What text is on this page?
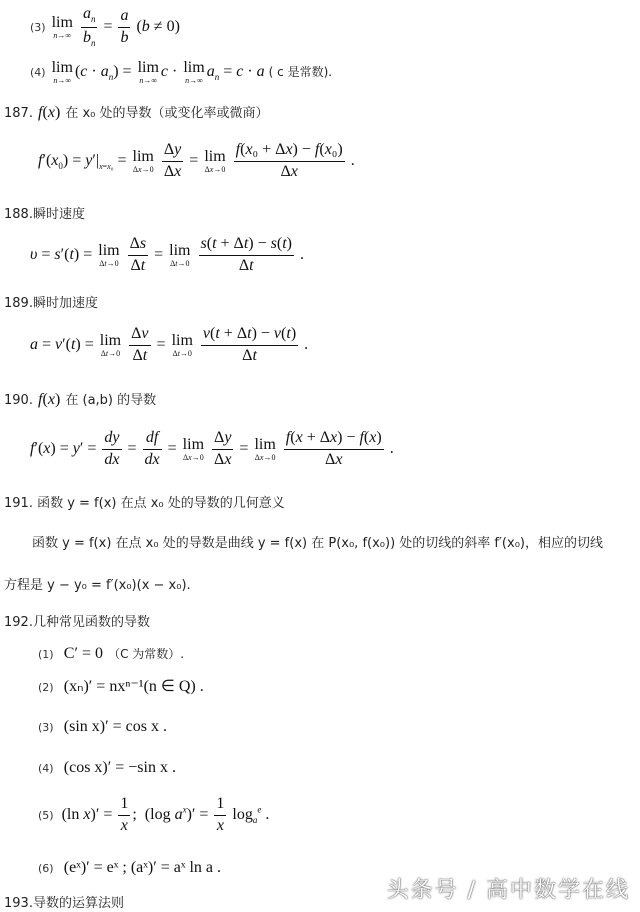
(3) lim
n→∞
$\frac{a_n}{b_n} = \frac{a}{b} (b \ne 0)$
(4) lim
n→∞
$(c \cdot a_n) = \lim$
n→∞
c · lim
n→∞
$a_n = c \cdot a$ ( c 是常数).
187. f(x) 在 x₀ 处的导数（或变化率或微商）
$f'(x_0) = y'|_{x=x_0} = \lim$
Δx→0
$\frac{\Delta y}{\Delta x} = \lim$
Δx→0
$\frac{\text{f(x₀ + Δx) − f(x₀)}}{\Delta x}$ .
188.瞬时速度
υ = s′(t) = lim
Δt→0
$\frac{\Delta s}{\Delta t} = \lim$
Δt→0
$\frac{s(t + \Delta t) - s(t)}{\Delta t}$ .
189.瞬时加速度
a = v′(t) = lim
Δt→0
$\frac{\Delta v}{\Delta t} = \lim$
Δt→0
$\frac{v(t + \Delta t) - v(t)}{\Delta t}$ .
190. f(x) 在 (a,b) 的导数
$f'(x) = y' = \frac{dy}{dx} = \frac{df}{dx} = \lim$
Δx→0
$\frac{\Delta y}{\Delta x} = \lim$
Δx→0
$\frac{f(x + \Delta x) - f(x)}{\Delta x}$ .
191. 函数 y = f(x) 在点 x₀ 处的导数的几何意义
函数 y = f(x) 在点 x₀ 处的导数是曲线 y = f(x) 在 P(x₀, f(x₀)) 处的切线的斜率 f′(x₀)，相应的切线
方程是 y − y₀ = f′(x₀)(x − x₀).
192.几种常见函数的导数
(1) C′ = 0 （C 为常数）.
(2) (xₙ)′ = nxⁿ⁻¹(n ∈ Q) .
(3) (sin x)′ = cos x .
(4) (cos x)′ = −sin x .
(5)  (ln $x)' = \frac{1}{x}$ ;  (log $a^x)' = \frac{1}{x} \log_a^e$ .
(6) (eˣ)′ = eˣ ; (aˣ)′ = aˣ ln a .
193.导数的运算法则
头条号 / 高中数学在线
